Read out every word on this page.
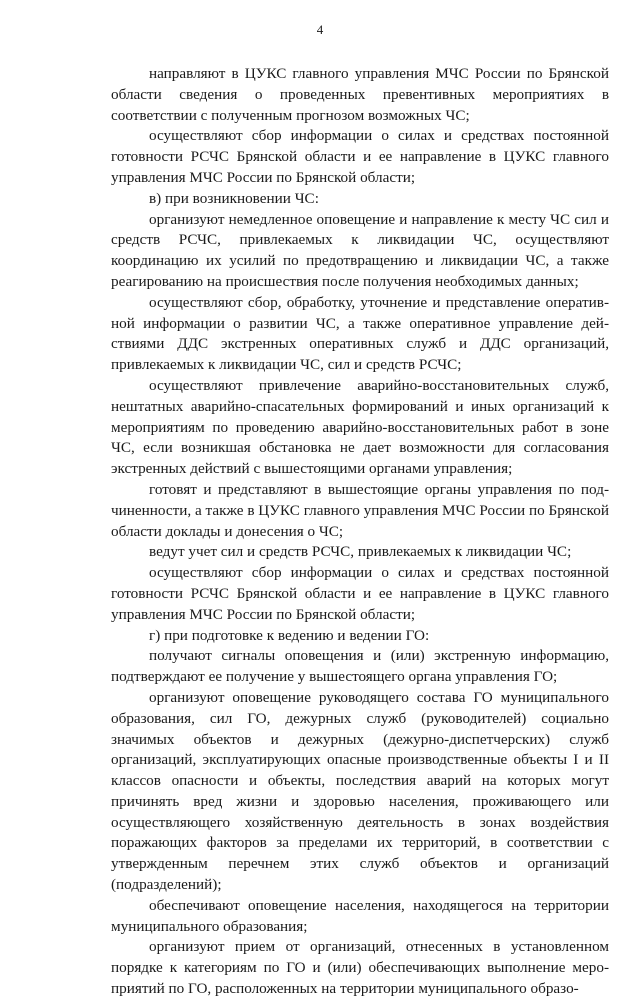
4

направляют в ЦУКС главного управления МЧС России по Брянской области сведения о проведенных превентивных мероприятиях в соответствии с полученным прогнозом возможных ЧС;

осуществляют сбор информации о силах и средствах постоянной готовности РСЧС Брянской области и ее направление в ЦУКС главного управления МЧС России по Брянской области;

в) при возникновении ЧС:

организуют немедленное оповещение и направление к месту ЧС сил и средств РСЧС, привлекаемых к ликвидации ЧС, осуществляют координацию их усилий по предотвращению и ликвидации ЧС, а также реагированию на происшествия после получения необходимых данных;

осуществляют сбор, обработку, уточнение и представление оперативной информации о развитии ЧС, а также оперативное управление действиями ДДС экстренных оперативных служб и ДДС организаций, привлекаемых к ликвидации ЧС, сил и средств РСЧС;

осуществляют привлечение аварийно-восстановительных служб, нештатных аварийно-спасательных формирований и иных организаций к мероприятиям по проведению аварийно-восстановительных работ в зоне ЧС, если возникшая обстановка не дает возможности для согласования экстренных действий с вышестоящими органами управления;

готовят и представляют в вышестоящие органы управления по подчиненности, а также в ЦУКС главного управления МЧС России по Брянской области доклады и донесения о ЧС;

ведут учет сил и средств РСЧС, привлекаемых к ликвидации ЧС;

осуществляют сбор информации о силах и средствах постоянной готовности РСЧС Брянской области и ее направление в ЦУКС главного управления МЧС России по Брянской области;

г) при подготовке к ведению и ведении ГО:

получают сигналы оповещения и (или) экстренную информацию, подтверждают ее получение у вышестоящего органа управления ГО;

организуют оповещение руководящего состава ГО муниципального образования, сил ГО, дежурных служб (руководителей) социально значимых объектов и дежурных (дежурно-диспетчерских) служб организаций, эксплуатирующих опасные производственные объекты I и II классов опасности и объекты, последствия аварий на которых могут причинять вред жизни и здоровью населения, проживающего или осуществляющего хозяйственную деятельность в зонах воздействия поражающих факторов за пределами их территорий, в соответствии с утвержденным перечнем этих служб объектов и организаций (подразделений);

обеспечивают оповещение населения, находящегося на территории муниципального образования;

организуют прием от организаций, отнесенных в установленном порядке к категориям по ГО и (или) обеспечивающих выполнение мероприятий по ГО, расположенных на территории муниципального образо-
